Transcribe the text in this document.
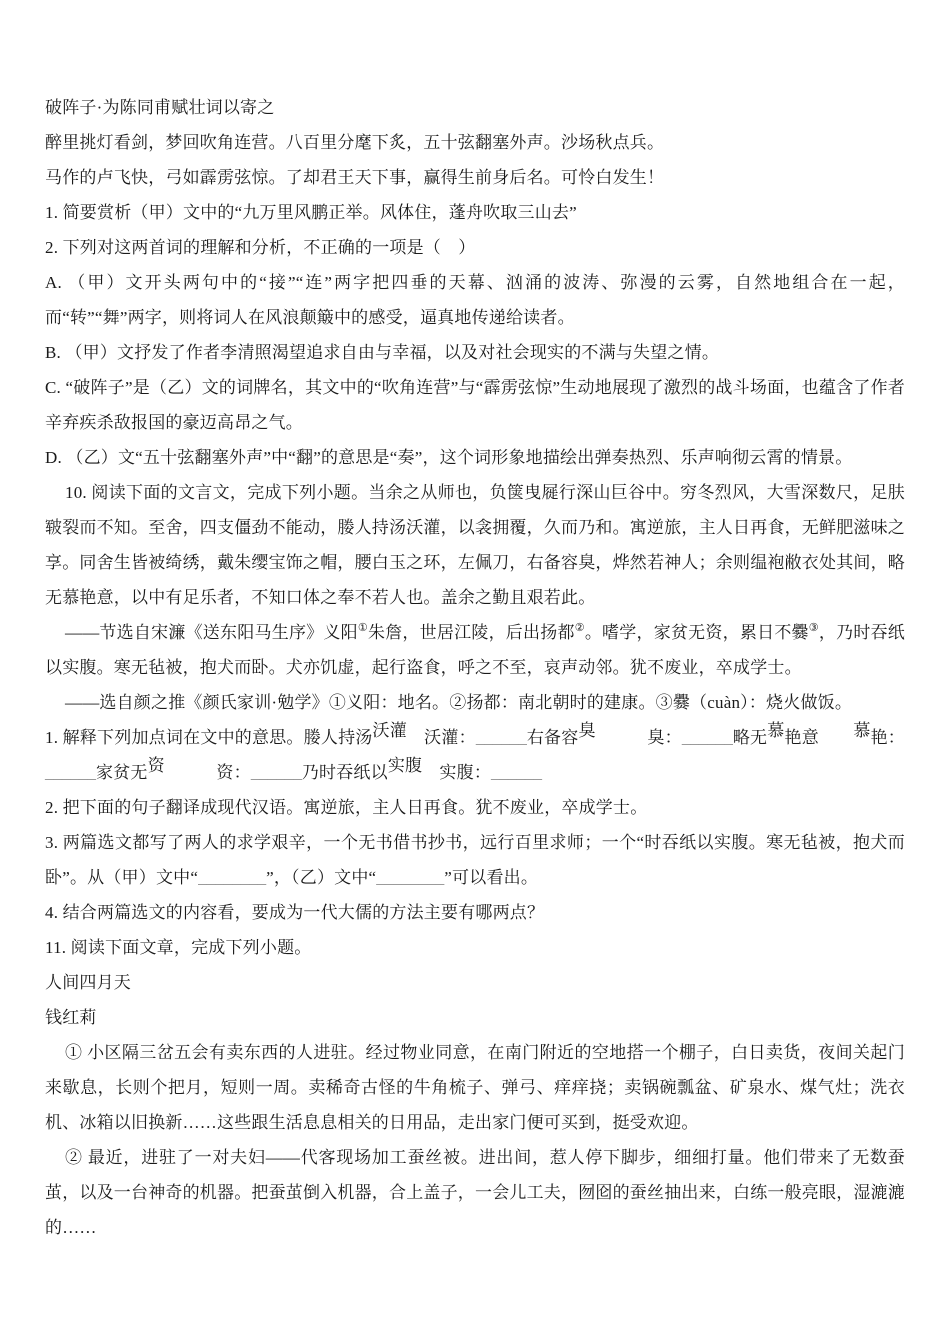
破阵子·为陈同甫赋壮词以寄之

醉里挑灯看剑，梦回吹角连营。八百里分麾下炙，五十弦翻塞外声。沙场秋点兵。

马作的卢飞快，弓如霹雳弦惊。了却君王天下事，赢得生前身后名。可怜白发生！

1. 简要赏析（甲）文中的“九万里风鹏正举。风体住，蓬舟吹取三山去”

2. 下列对这两首词的理解和分析，不正确的一项是（　）

A. （甲）文开头两句中的“接”“连”两字把四垂的天幕、汹涌的波涛、弥漫的云雾，自然地组合在一起，而“转”“舞”两字，则将词人在风浪颠簸中的感受，逼真地传递给读者。

B. （甲）文抒发了作者李清照渴望追求自由与幸福，以及对社会现实的不满与失望之情。

C. “破阵子”是（乙）文的词牌名，其文中的“吹角连营”与“霹雳弦惊”生动地展现了激烈的战斗场面，也蕴含了作者辛弃疾杀敌报国的豪迈高昂之气。

D. （乙）文“五十弦翻塞外声”中“翻”的意思是“奏”，这个词形象地描绘出弹奏热烈、乐声响彻云霄的情景。

10. 阅读下面的文言文，完成下列小题。当余之从师也，负箧曳屣行深山巨谷中。穷冬烈风，大雪深数尺，足肤皲裂而不知。至舍，四支僵劲不能动，媵人持汤沃灌，以衾拥覆，久而乃和。寓逆旅，主人日再食，无鲜肥滋味之享。同舍生皆被绮绣，戴朱缨宝饰之帽，腰白玉之环，左佩刀，右备容臭，烨然若神人；余则缊袍敝衣处其间，略无慕艳意，以中有足乐者，不知口体之奉不若人也。盖余之勤且艰若此。

——节选自宋濂《送东阳马生序》义阳①朱詹，世居江陵，后出扬都②。嗜学，家贫无资，累日不爨③，乃时吞纸以实腹。寒无毡被，抱犬而卧。犬亦饥虚，起行盗食，呼之不至，哀声动邻。犹不废业，卒成学士。

——选自颜之推《颜氏家训·勉学》①义阳：地名。②扬都：南北朝时的建康。③爨（cuàn）：烧火做饭。

1. 解释下列加点词在文中的意思。媵人持汤沃灌　沃灌：______右备容臭　　　臭：______略无慕艳意　　慕艳：______家贫无资　　　资：______乃时吞纸以实腹　实腹：______

2. 把下面的句子翻译成现代汉语。寓逆旅，主人日再食。犹不废业，卒成学士。

3. 两篇选文都写了两人的求学艰辛，一个无书借书抄书，远行百里求师；一个“时吞纸以实腹。寒无毡被，抱犬而卧”。从（甲）文中“________”，（乙）文中“________”可以看出。

4. 结合两篇选文的内容看，要成为一代大儒的方法主要有哪两点？

11. 阅读下面文章，完成下列小题。

人间四月天

钱红莉

① 小区隔三岔五会有卖东西的人进驻。经过物业同意，在南门附近的空地搭一个棚子，白日卖货，夜间关起门来歇息，长则个把月，短则一周。卖稀奇古怪的牛角梳子、弹弓、痒痒挠；卖锅碗瓢盆、矿泉水、煤气灶；洗衣机、冰箱以旧换新……这些跟生活息息相关的日用品，走出家门便可买到，挺受欢迎。

② 最近，进驻了一对夫妇——代客现场加工蚕丝被。进出间，惹人停下脚步，细细打量。他们带来了无数蚕茧，以及一台神奇的机器。把蚕茧倒入机器，合上盖子，一会儿工夫，囫囵的蚕丝抽出来，白练一般亮眼，湿漉漉的……
